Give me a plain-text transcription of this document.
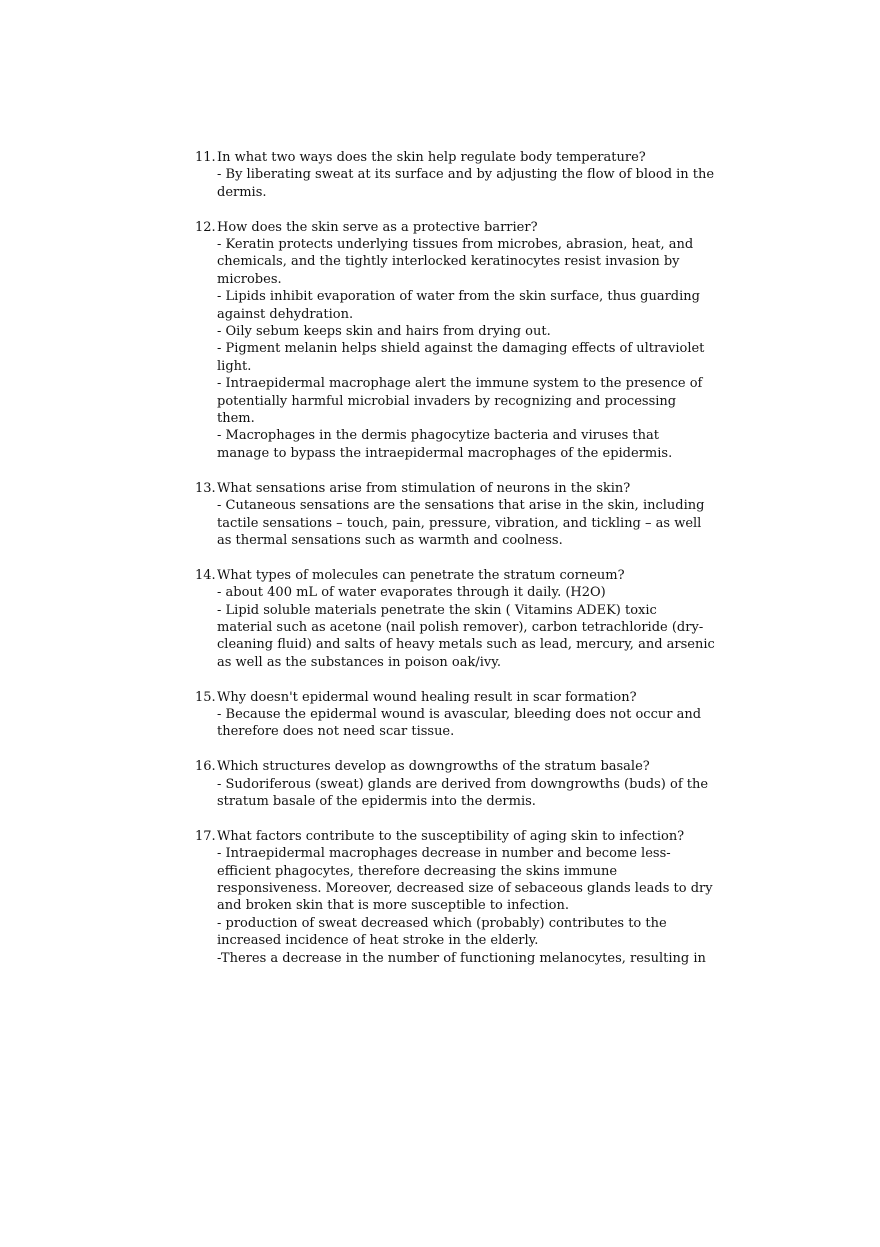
11. In what two ways does the skin help regulate body temperature?

- By liberating sweat at its surface and by adjusting the flow of blood in the dermis.

12. How does the skin serve as a protective barrier?

- Keratin protects underlying tissues from microbes, abrasion, heat, and chemicals, and the tightly interlocked keratinocytes resist invasion by microbes.

- Lipids inhibit evaporation of water from the skin surface, thus guarding against dehydration.

- Oily sebum keeps skin and hairs from drying out.

- Pigment melanin helps shield against the damaging effects of ultraviolet light.

- Intraepidermal macrophage alert the immune system to the presence of potentially harmful microbial invaders by recognizing and processing them.

- Macrophages in the dermis phagocytize bacteria and viruses that manage to bypass the intraepidermal macrophages of the epidermis.

13. What sensations arise from stimulation of neurons in the skin?

- Cutaneous sensations are the sensations that arise in the skin, including tactile sensations – touch, pain, pressure, vibration, and tickling – as well as thermal sensations such as warmth and coolness.

14. What types of molecules can penetrate the stratum corneum?

- about 400 mL of water evaporates through it daily. (H2O)

- Lipid soluble materials penetrate the skin ( Vitamins ADEK) toxic material such as acetone (nail polish remover), carbon tetrachloride (dry-cleaning fluid) and salts of heavy metals such as lead, mercury, and arsenic as well as the substances in poison oak/ivy.

15. Why doesn't epidermal wound healing result in scar formation?

- Because the epidermal wound is avascular, bleeding does not occur and therefore does not need scar tissue.

16. Which structures develop as downgrowths of the stratum basale?

- Sudoriferous (sweat) glands are derived from downgrowths (buds) of the stratum basale of the epidermis into the dermis.

17. What factors contribute to the susceptibility of aging skin to infection?

- Intraepidermal macrophages decrease in number and become less-efficient phagocytes, therefore decreasing the skins immune responsiveness. Moreover, decreased size of sebaceous glands leads to dry and broken skin that is more susceptible to infection.

- production of sweat decreased which (probably) contributes to the increased incidence of heat stroke in the elderly.

-Theres a decrease in the number of functioning melanocytes, resulting in
